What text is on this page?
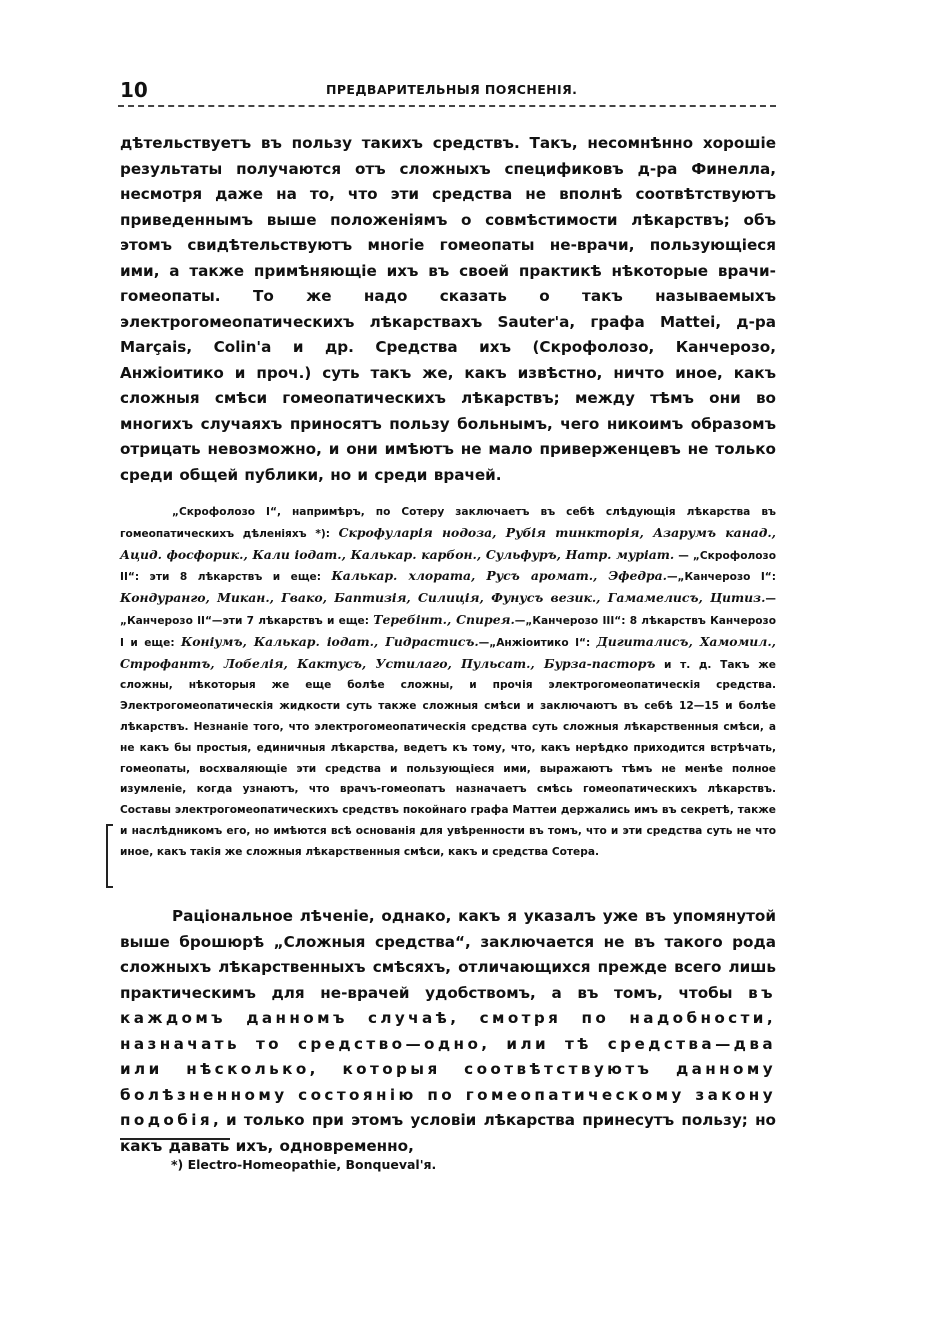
10	ПРЕДВАРИТЕЛЬНЫЯ ПОЯСНЕНІЯ.

дѣтельствуетъ въ пользу такихъ средствъ. Такъ, несомнѣнно хорошіе результаты получаются отъ сложныхъ спецификовъ д-ра Финелла, несмотря даже на то, что эти средства не вполнѣ соотвѣтствуютъ приведеннымъ выше положеніямъ о совмѣстимости лѣкарствъ; объ этомъ свидѣтельствуютъ многіе гомеопаты не-врачи, пользующіеся ими, а также примѣняющіе ихъ въ своей практикѣ нѣкоторые врачи-гомеопаты. То же надо сказать о такъ называемыхъ электрогомеопатическихъ лѣкарствахъ Sauter'а, графа Mattei, д-ра Marçais, Colin'а и др. Средства ихъ (Скрофолозо, Канчерозо, Анжіоитико и проч.) суть такъ же, какъ извѣстно, ничто иное, какъ сложныя смѣси гомеопатическихъ лѣкарствъ; между тѣмъ они во многихъ случаяхъ приносятъ пользу больнымъ, чего никоимъ образомъ отрицать невозможно, и они имѣютъ не мало приверженцевъ не только среди общей публики, но и среди врачей.

„Скрофолозо I“, напримѣръ, по Сотеру заключаетъ въ себѣ слѣдующія лѣкарства въ гомеопатическихъ дѣленіяхъ *): Скрофуларія нодоза, Рубія тинкторія, Азарумъ канад., Ацид. фосфорик., Кали іодат., Калькар. карбон., Сульфуръ, Натр. муріат. — „Скрофолозо II“: эти 8 лѣкарствъ и еще: Калькар. хлората, Русъ аромат., Эфедра.—„Канчерозо I“: Кондуранго, Микан., Гвако, Баптизія, Силиція, Фунусъ везик., Гамамелисъ, Цитиз.—„Канчерозо II“—эти 7 лѣкарствъ и еще: Теребінт., Спирея.—„Канчерозо III“: 8 лѣкарствъ Канчерозо I и еще: Коніумъ, Калькар. іодат., Гидрастисъ.—„Анжіоитико I“: Дигиталисъ, Хамомил., Строфантъ, Лобелія, Кактусъ, Устилаго, Пульсат., Бурза-пасторъ и т. д. Такъ же сложны, нѣкоторыя же еще болѣе сложны, и прочія электрогомеопатическія средства. Электрогомеопатическія жидкости суть также сложныя смѣси и заключаютъ въ себѣ 12—15 и болѣе лѣкарствъ. Незнаніе того, что электрогомеопатическія средства суть сложныя лѣкарственныя смѣси, а не какъ бы простыя, единичныя лѣкарства, ведетъ къ тому, что, какъ нерѣдко приходится встрѣчать, гомеопаты, восхваляющіе эти средства и пользующіеся ими, выражаютъ тѣмъ не менѣе полное изумленіе, когда узнаютъ, что врачъ-гомеопатъ назначаетъ смѣсь гомеопатическихъ лѣкарствъ. Составы электрогомеопатическихъ средствъ покойнаго графа Маттеи держались имъ въ секретѣ, также и наслѣдникомъ его, но имѣются всѣ основанія для увѣренности въ томъ, что и эти средства суть не что иное, какъ такія же сложныя лѣкарственныя смѣси, какъ и средства Сотера.

Раціональное лѣченіе, однако, какъ я указалъ уже въ упомянутой выше брошюрѣ „Сложныя средства“, заключается не въ такого рода сложныхъ лѣкарственныхъ смѣсяхъ, отличающихся прежде всего лишь практическимъ для не-врачей удобствомъ, а въ томъ, чтобы въ каждомъ данномъ случаѣ, смотря по надобности, назначать то средство—одно, или тѣ средства—два или нѣсколько, которыя соотвѣтствуютъ данному болѣзненному состоянію по гомеопатическому закону подобія, и только при этомъ условіи лѣкарства принесутъ пользу; но какъ давать ихъ, одновременно,

*) Electro-Homeopathie, Bonqueval'я.
